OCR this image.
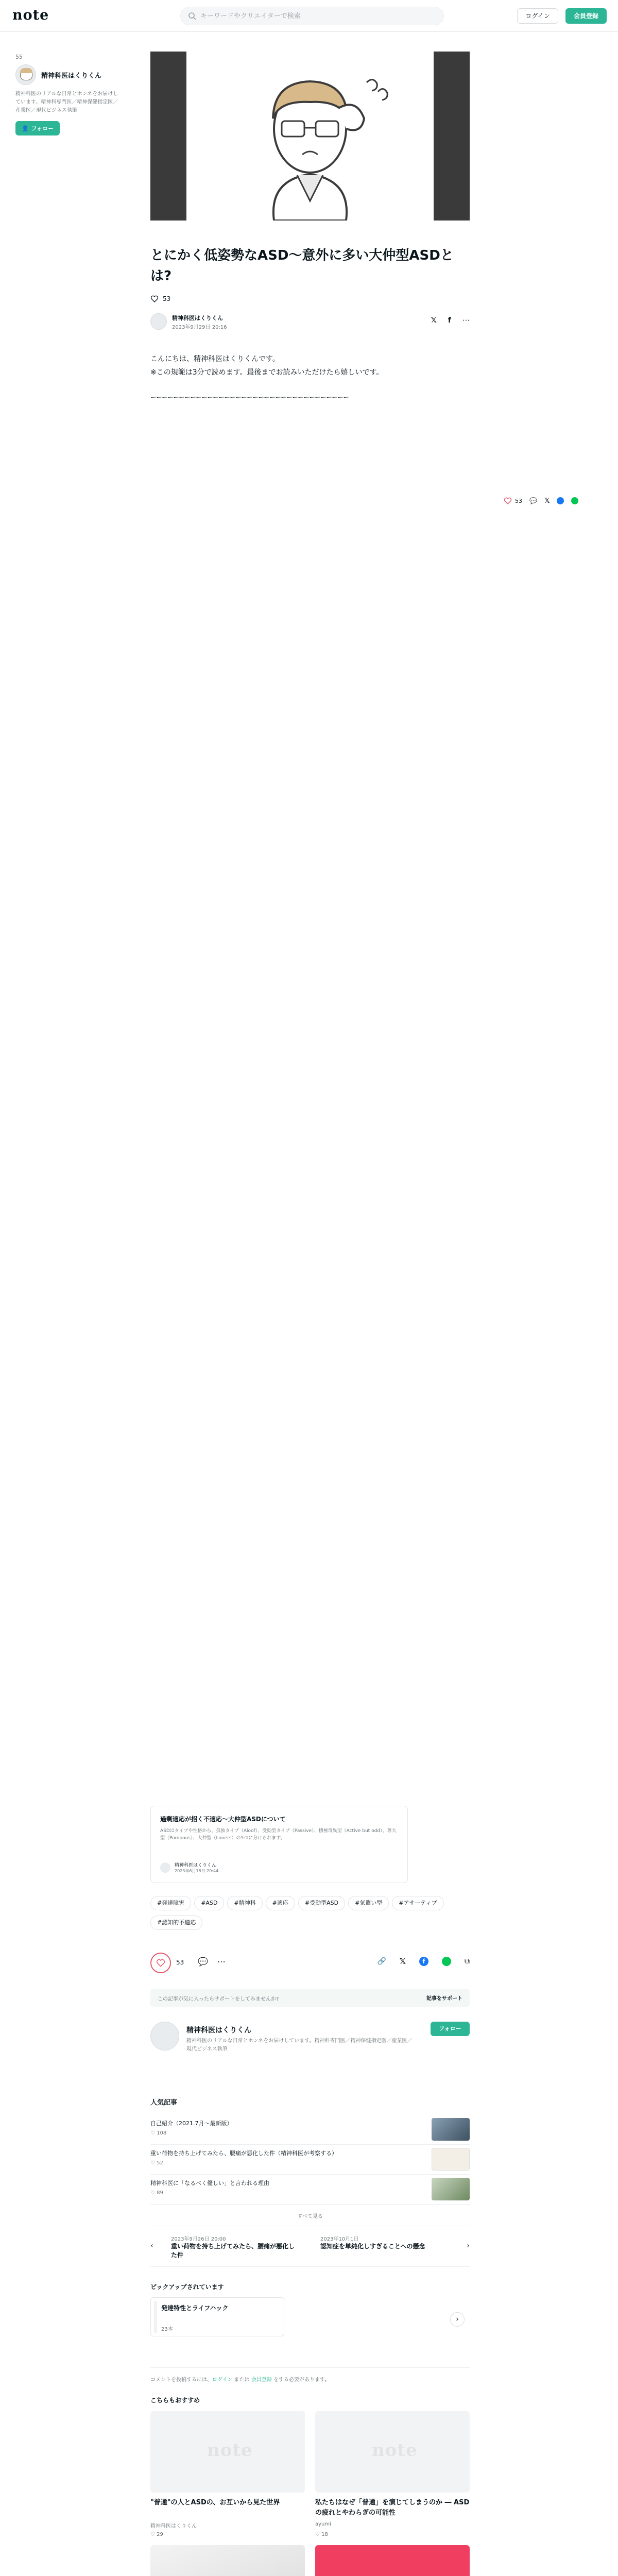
note
キーワードやクリエイターで検索	ログイン	会員登録
55
精神科医はくりくん
精神科医のリアルな日常とホンネをお届けしています。精神科専門医／精神保健指定医／産業医／現代ビジネス執筆
👤 フォロー
とにかく低姿勢なASD～意外に多い大仲型ASDとは?
53
精神科医はくりくん
2023年9月29日 20:16
𝕏 f ⋯

こんにちは、精神科医はくりくんです。

※この規範は3分で読めます。最後までお読みいただけたら嬉しいです。

ーーーーーーーーーーーーーーーーーーーーーーーーーーーーーーーーーーー
過剰適応が招く不適応～大仲型ASDについて
ASDはタイプや性格から、孤独タイプ（Aloof）、受動型タイプ（Passive）、積極奇異型（Active but odd）、尊大型（Pompous）、大仲型（Loners）の5つに分けられます。
精神科医はくりくん
2023年6月18日 20:44
#発達障害	#ASD	#精神科	#適応	#受動型ASD	#気遣い型	#アサーティブ#認知的不適応
53 💬 ⋯	🔗 𝕏	f	⧉
この記事が気に入ったらサポートをしてみませんか?	記事をサポート
精神科医はくりくん
精神科医のリアルな日常とホンネをお届けしています。精神科専門医／精神保健指定医／産業医／現代ビジネス執筆
フォロー
人気記事
自己紹介（2021.7月〜最新版）
♡ 108
重い荷物を持ち上げてみたら、腰痛が悪化した件（精神科医が考察する）
♡ 52
精神科医に「なるべく優しい」と言われる理由
♡ 89
すべて見る
‹
2023年9月26日 20:00
重い荷物を持ち上げてみたら、腰痛が悪化した件
2023年10月1日
認知症を単純化しすぎることへの懸念	›
ピックアップされています
発達特性とライフハック
23本
›
コメントを投稿するには、ログイン または 会員登録 をする必要があります。
こちらもおすすめ
note
"普通"の人とASDの、お互いから見た世界
精神科医はくりくん
♡ 29
note
私たちはなぜ「普通」を演じてしまうのか ― ASDの疲れとやわらぎの可能性
ayumi
♡ 18
53 💬 𝕏
